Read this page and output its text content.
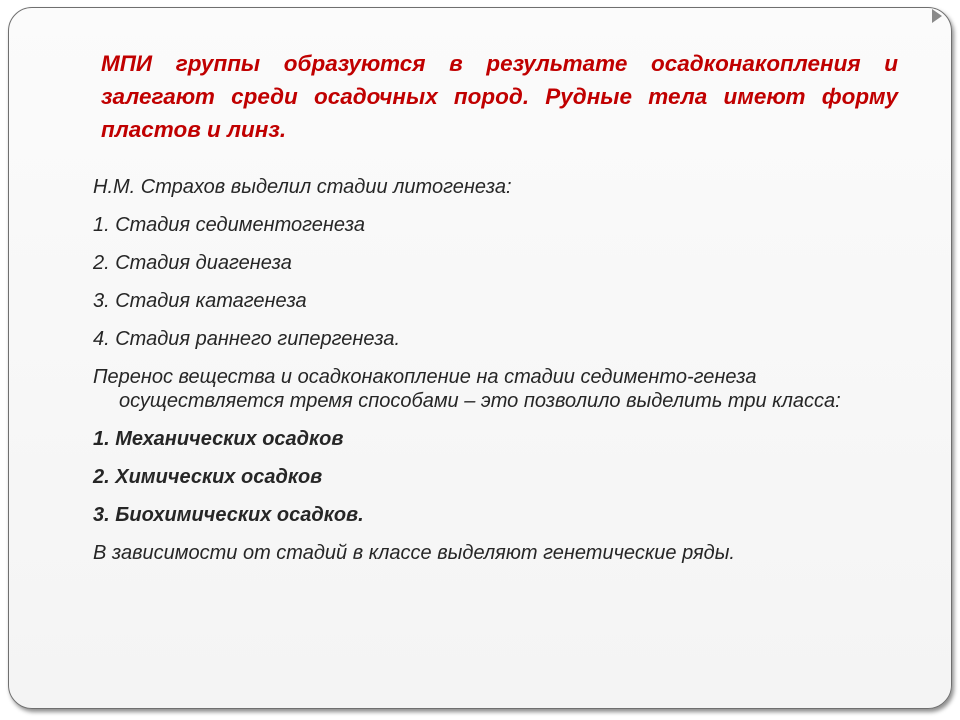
МПИ группы образуются в результате осадконакопления и залегают среди осадочных пород. Рудные тела имеют форму пластов и линз.

Н.М. Страхов выделил стадии литогенеза:
1. Стадия седиментогенеза
2. Стадия диагенеза
3. Стадия катагенеза
4. Стадия раннего гипергенеза.
Перенос вещества и осадконакопление на стадии седименто-генеза осуществляется тремя способами – это позволило выделить три класса:
1. Механических осадков
2. Химических осадков
3. Биохимических осадков.
В зависимости от стадий в классе выделяют генетические ряды.
